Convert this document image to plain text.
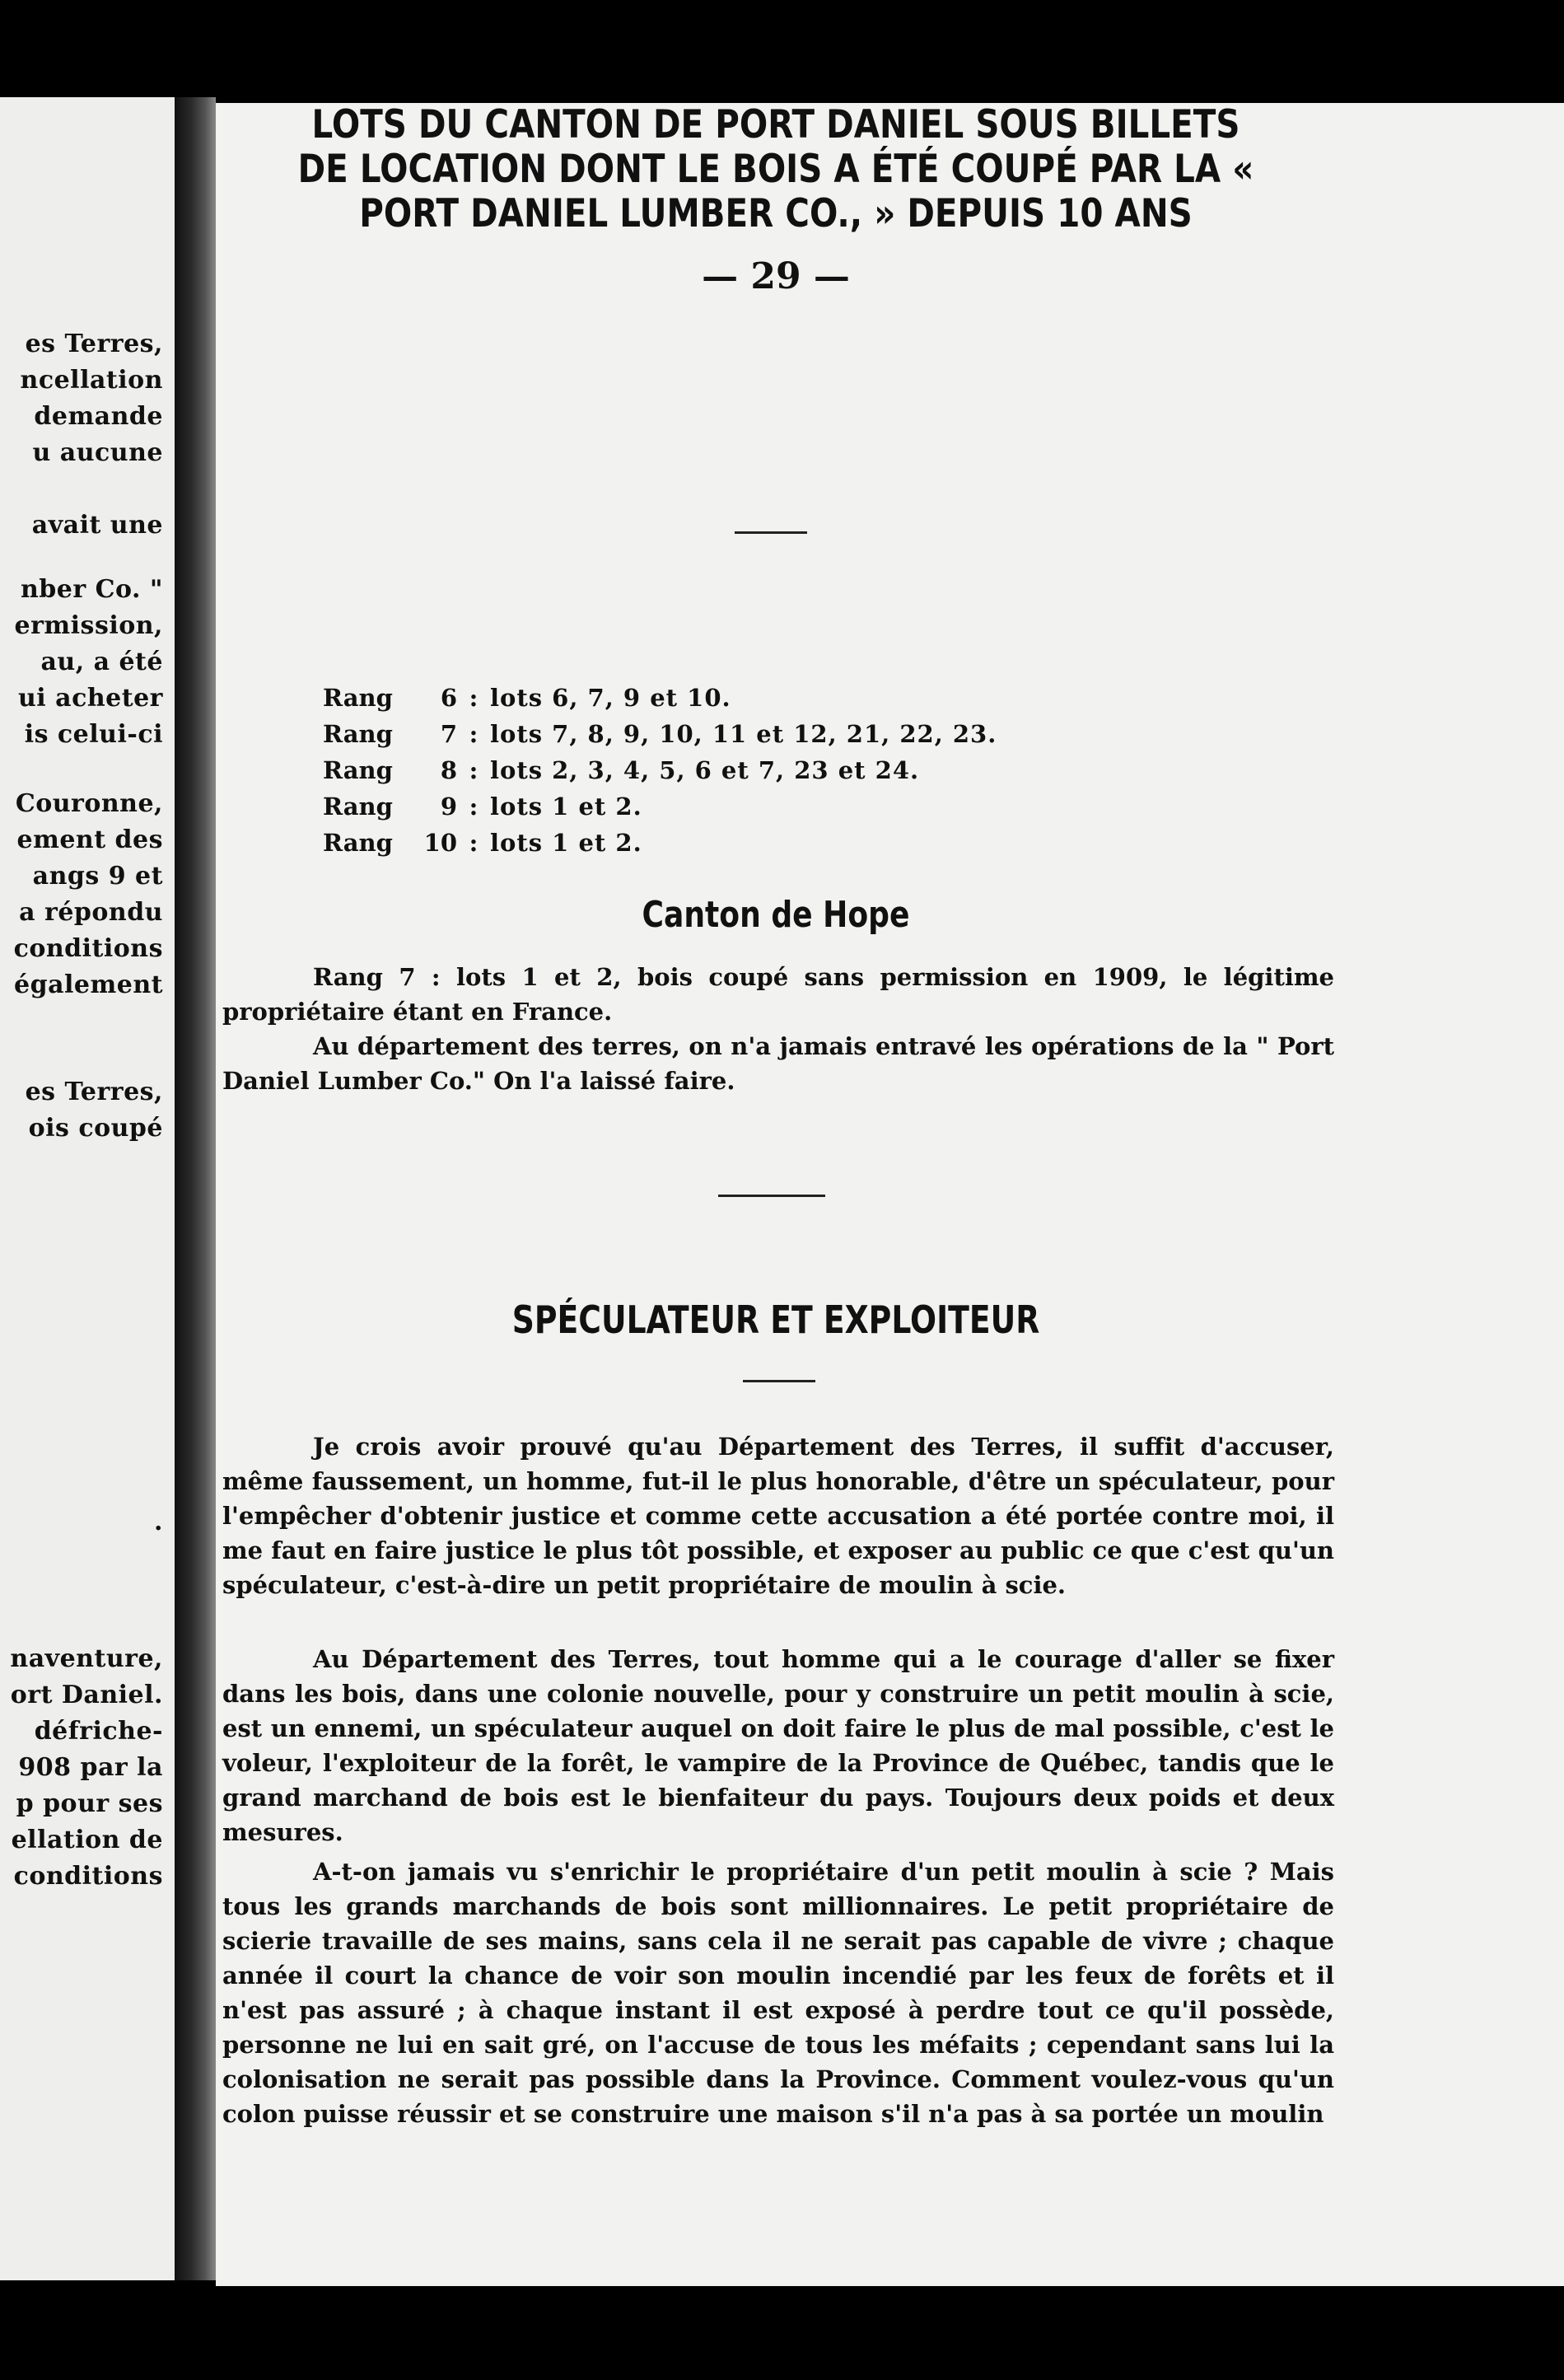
es Terres,
ncellation
demande
u aucune
avait une
nber Co. "
ermission,
au, a été
ui acheter
is celui-ci
Couronne,
ement des
angs 9 et
a répondu
conditions
également
es Terres,
ois coupé
.
naventure,
ort Daniel.
défriche-
908 par la
p pour ses
ellation de
conditions
— 29 —
LOTS DU CANTON DE PORT DANIEL SOUS BILLETS DE LOCATION DONT LE BOIS A ÉTÉ COUPÉ PAR LA « PORT DANIEL LUMBER CO., » DEPUIS 10 ANS
Rang	6 : lots 6, 7, 9 et 10.
Rang	7 : lots 7, 8, 9, 10, 11 et 12, 21, 22, 23.
Rang	8 : lots 2, 3, 4, 5, 6 et 7, 23 et 24.
Rang	9 : lots 1 et 2.
Rang	10 : lots 1 et 2.
Canton de Hope
Rang 7 : lots 1 et 2, bois coupé sans permission en 1909, le légitime propriétaire étant en France.
Au département des terres, on n'a jamais entravé les opérations de la " Port Daniel Lumber Co." On l'a laissé faire.
SPÉCULATEUR ET EXPLOITEUR
Je crois avoir prouvé qu'au Département des Terres, il suffit d'accuser, même faussement, un homme, fut-il le plus honorable, d'être un spéculateur, pour l'empêcher d'obtenir justice et comme cette accusation a été portée contre moi, il me faut en faire justice le plus tôt possible, et exposer au public ce que c'est qu'un spéculateur, c'est-à-dire un petit propriétaire de moulin à scie.
Au Département des Terres, tout homme qui a le courage d'aller se fixer dans les bois, dans une colonie nouvelle, pour y construire un petit moulin à scie, est un ennemi, un spéculateur auquel on doit faire le plus de mal possible, c'est le voleur, l'exploiteur de la forêt, le vampire de la Province de Québec, tandis que le grand marchand de bois est le bienfaiteur du pays. Toujours deux poids et deux mesures.
A-t-on jamais vu s'enrichir le propriétaire d'un petit moulin à scie ? Mais tous les grands marchands de bois sont millionnaires. Le petit propriétaire de scierie travaille de ses mains, sans cela il ne serait pas capable de vivre ; chaque année il court la chance de voir son moulin incendié par les feux de forêts et il n'est pas assuré ; à chaque instant il est exposé à perdre tout ce qu'il possède, personne ne lui en sait gré, on l'accuse de tous les méfaits ; cependant sans lui la colonisation ne serait pas possible dans la Province. Comment voulez-vous qu'un colon puisse réussir et se construire une maison s'il n'a pas à sa portée un moulin
